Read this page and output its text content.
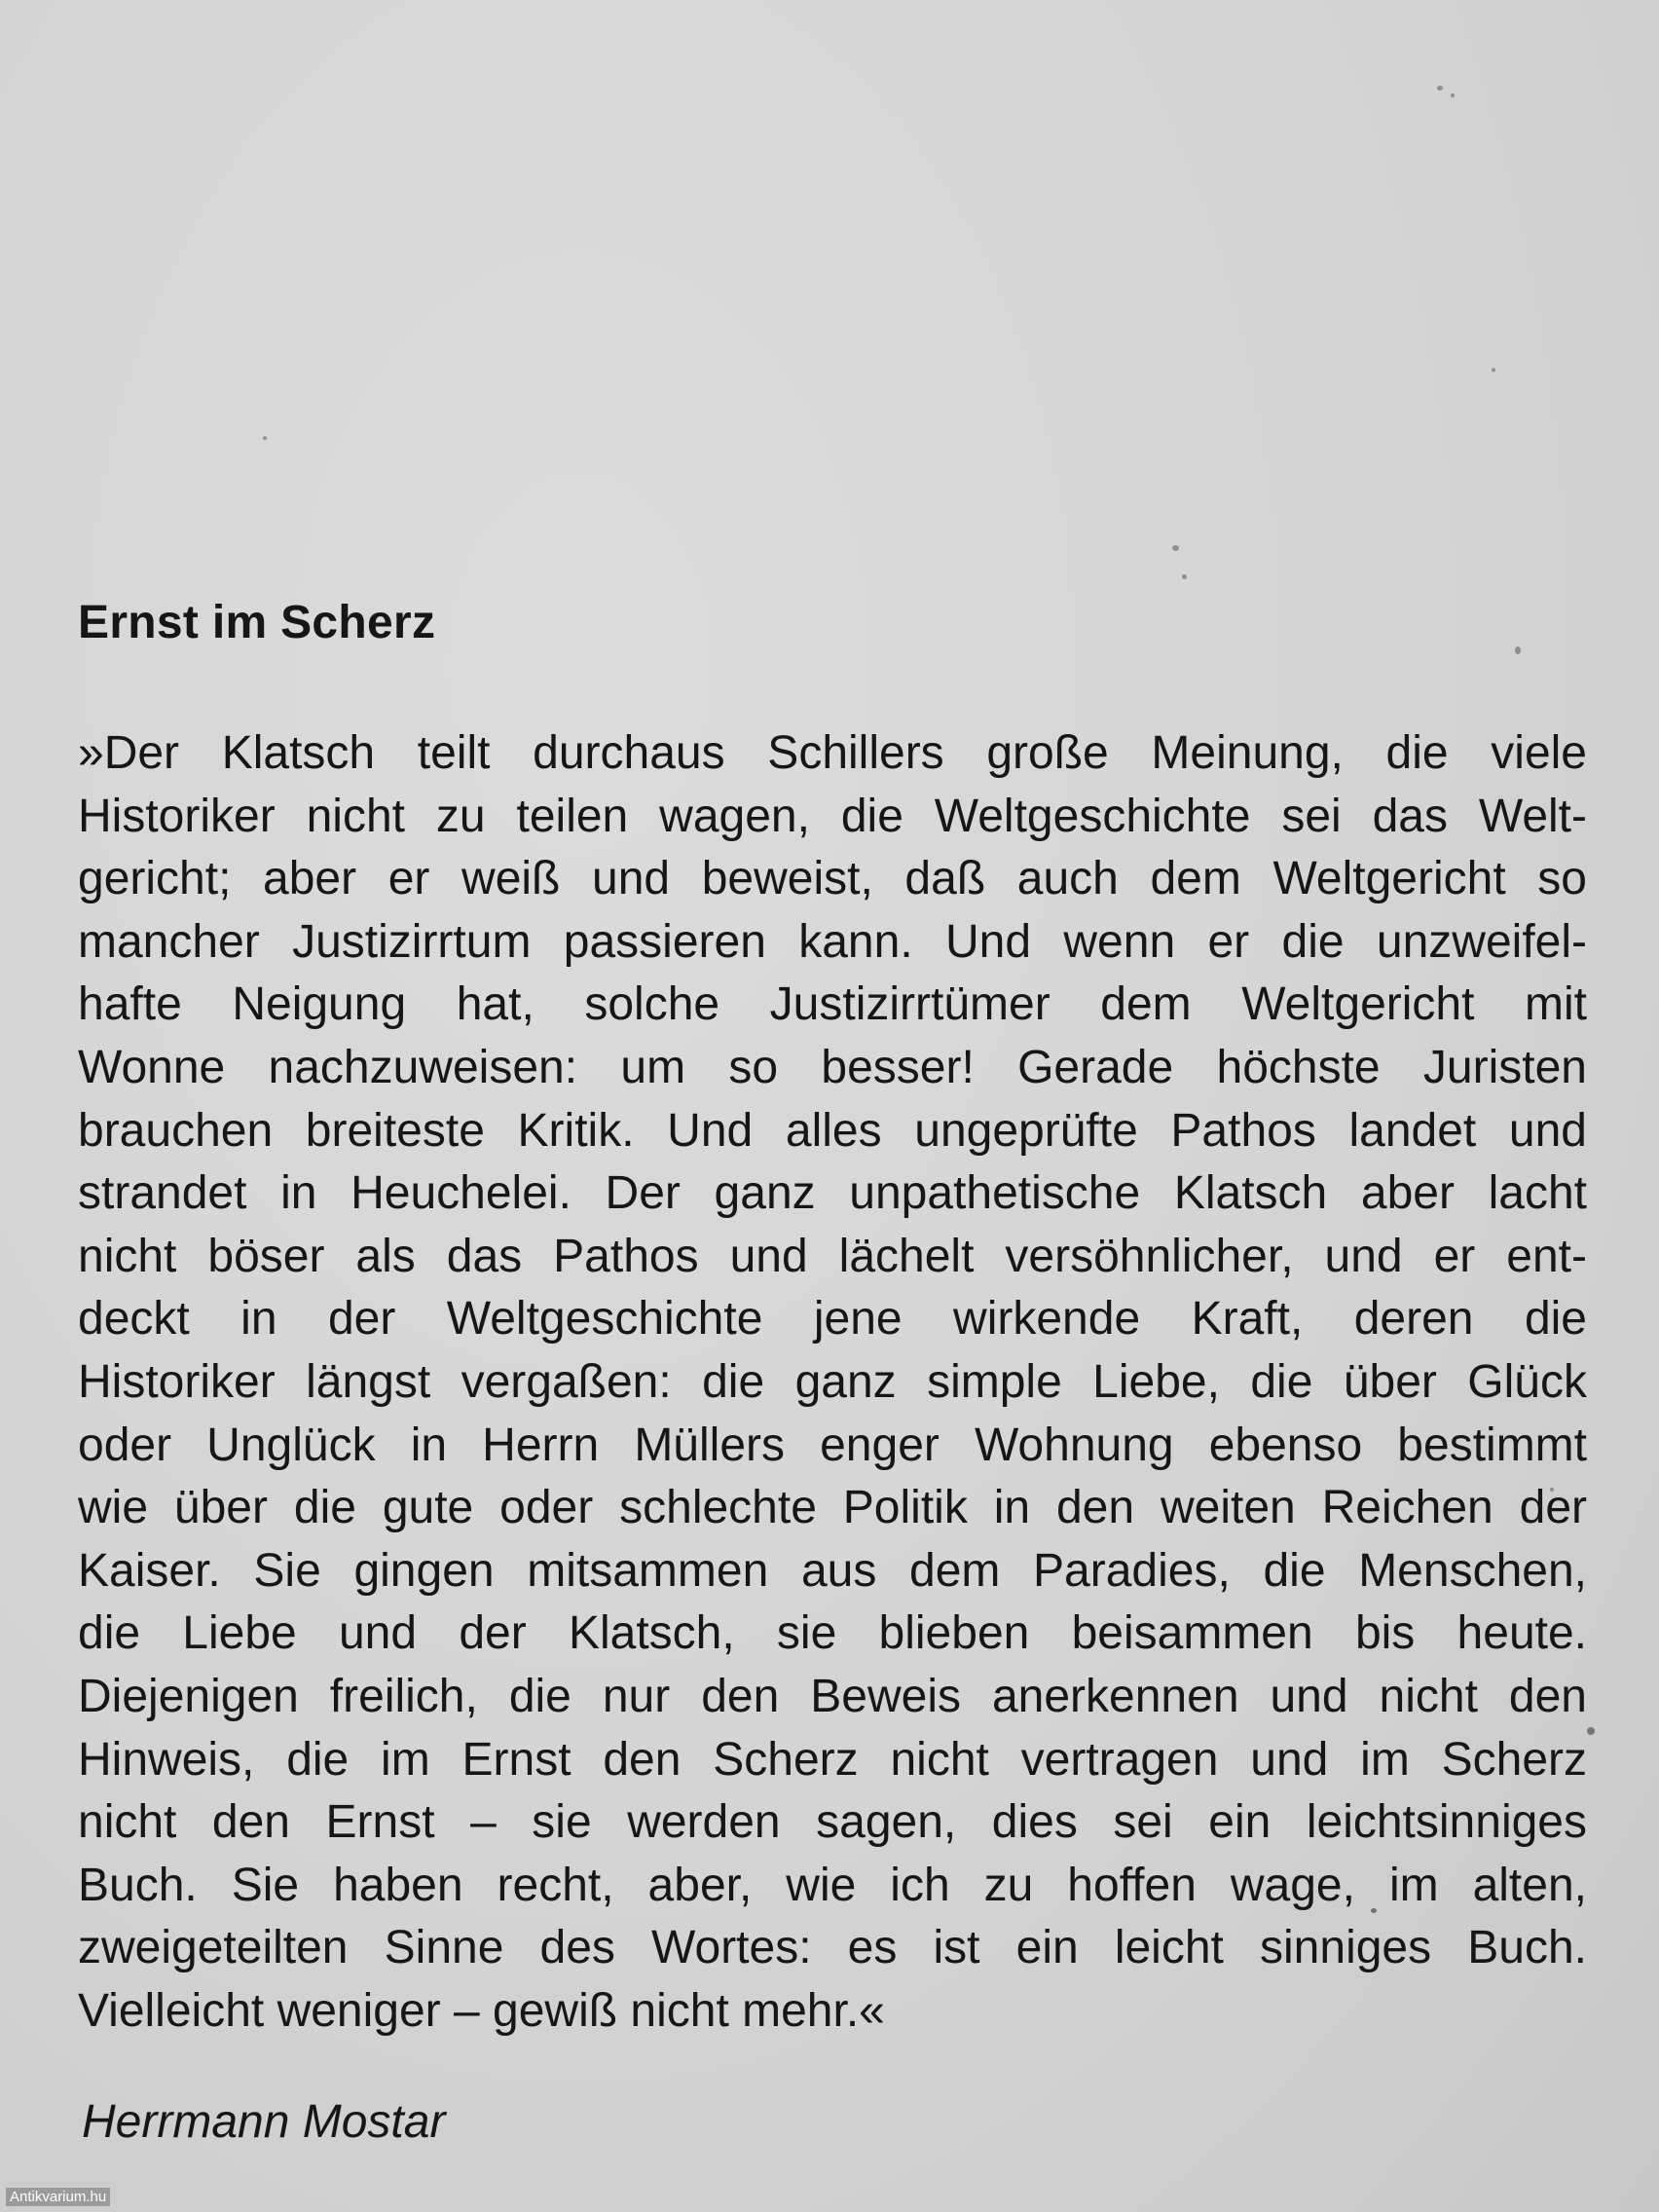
Ernst im Scherz
»Der Klatsch teilt durchaus Schillers große Meinung, die viele
Historiker nicht zu teilen wagen, die Weltgeschichte sei das Welt-
gericht; aber er weiß und beweist, daß auch dem Weltgericht so
mancher Justizirrtum passieren kann. Und wenn er die unzweifel-
hafte Neigung hat, solche Justizirrtümer dem Weltgericht mit
Wonne nachzuweisen: um so besser! Gerade höchste Juristen
brauchen breiteste Kritik. Und alles ungeprüfte Pathos landet und
strandet in Heuchelei. Der ganz unpathetische Klatsch aber lacht
nicht böser als das Pathos und lächelt versöhnlicher, und er ent-
deckt in der Weltgeschichte jene wirkende Kraft, deren die
Historiker längst vergaßen: die ganz simple Liebe, die über Glück
oder Unglück in Herrn Müllers enger Wohnung ebenso bestimmt
wie über die gute oder schlechte Politik in den weiten Reichen der
Kaiser. Sie gingen mitsammen aus dem Paradies, die Menschen,
die Liebe und der Klatsch, sie blieben beisammen bis heute.
Diejenigen freilich, die nur den Beweis anerkennen und nicht den
Hinweis, die im Ernst den Scherz nicht vertragen und im Scherz
nicht den Ernst – sie werden sagen, dies sei ein leichtsinniges
Buch. Sie haben recht, aber, wie ich zu hoffen wage, im alten,
zweigeteilten Sinne des Wortes: es ist ein leicht sinniges Buch.
Vielleicht weniger – gewiß nicht mehr.«

Herrmann Mostar

Antikvarium.hu
